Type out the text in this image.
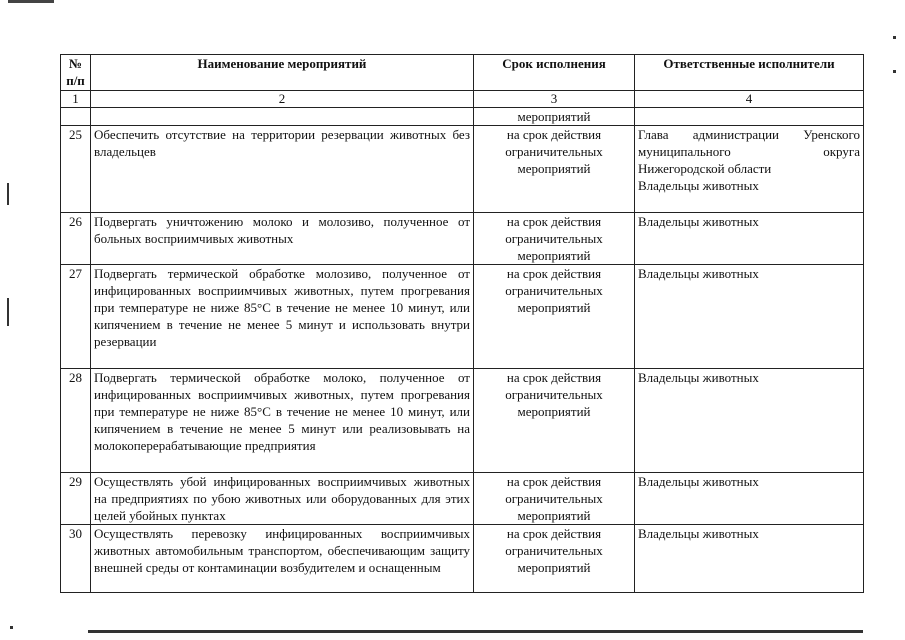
№ п/п	Наименование мероприятий	Срок исполнения	Ответственные исполнители
1	2	3	4
		мероприятий	
25	Обеспечить отсутствие на территории резервации животных без владельцев	на срок действия ограничительных мероприятий	Глава администрации Уренского муниципального округа Нижегородской области
Владельцы животных

26	Подвергать уничтожению молоко и молозиво, полученное от больных восприимчивых животных	на срок действия ограничительных мероприятий	Владельцы животных
27	Подвергать термической обработке молозиво, полученное от инфицированных восприимчивых животных, путем прогревания при температуре не ниже 85°С в течение не менее 10 минут, или кипячением в течение не менее 5 минут и использовать внутри резервации	на срок действия ограничительных мероприятий	Владельцы животных
28	Подвергать термической обработке молоко, полученное от инфицированных восприимчивых животных, путем прогревания при температуре не ниже 85°С в течение не менее 10 минут, или кипячением в течение не менее 5 минут или реализовывать на молокоперерабатывающие предприятия	на срок действия ограничительных мероприятий	Владельцы животных
29	Осуществлять убой инфицированных восприимчивых животных на предприятиях по убою животных или оборудованных для этих целей убойных пунктах	на срок действия ограничительных мероприятий	Владельцы животных
30	Осуществлять перевозку инфицированных восприимчивых животных автомобильным транспортом, обеспечивающим защиту внешней среды от контаминации возбудителем и оснащенным	на срок действия ограничительных мероприятий	Владельцы животных
